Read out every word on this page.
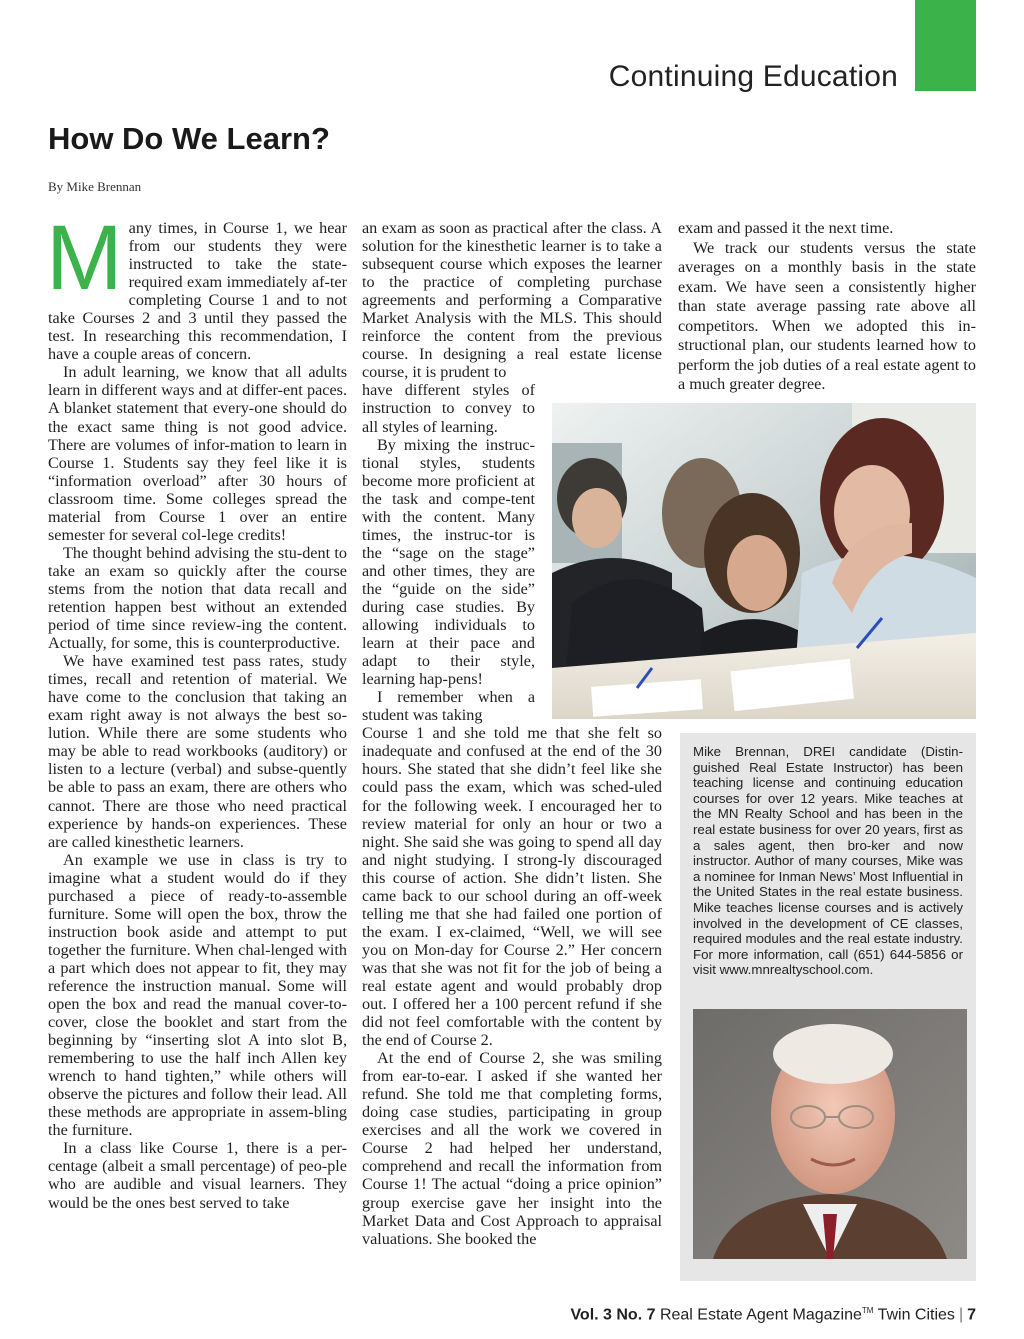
Continuing Education
How Do We Learn?
By Mike Brennan

Many times, in Course 1, we hear from our students they were instructed to take the state-required exam immediately af-ter completing Course 1 and to not take Courses 2 and 3 until they passed the test. In researching this recommendation, I have a couple areas of concern.

In adult learning, we know that all adults learn in different ways and at differ-ent paces. A blanket statement that every-one should do the exact same thing is not good advice. There are volumes of infor-mation to learn in Course 1. Students say they feel like it is “information overload” after 30 hours of classroom time. Some colleges spread the material from Course 1 over an entire semester for several col-lege credits!

The thought behind advising the stu-dent to take an exam so quickly after the course stems from the notion that data recall and retention happen best without an extended period of time since review-ing the content. Actually, for some, this is counterproductive.

We have examined test pass rates, study times, recall and retention of material. We have come to the conclusion that taking an exam right away is not always the best so-lution. While there are some students who may be able to read workbooks (auditory) or listen to a lecture (verbal) and subse-quently be able to pass an exam, there are others who cannot. There are those who need practical experience by hands-on experiences. These are called kinesthetic learners.

An example we use in class is try to imagine what a student would do if they purchased a piece of ready-to-assemble furniture. Some will open the box, throw the instruction book aside and attempt to put together the furniture. When chal-lenged with a part which does not appear to fit, they may reference the instruction manual. Some will open the box and read the manual cover-to-cover, close the booklet and start from the beginning by “inserting slot A into slot B, remembering to use the half inch Allen key wrench to hand tighten,” while others will observe the pictures and follow their lead. All these methods are appropriate in assem-bling the furniture.

In a class like Course 1, there is a per-centage (albeit a small percentage) of peo-ple who are audible and visual learners. They would be the ones best served to take

an exam as soon as practical after the class. A solution for the kinesthetic learner is to take a subsequent course which exposes the learner to the practice of completing purchase agreements and performing a Comparative Market Analysis with the MLS. This should reinforce the content from the previous course. In designing a real estate license course, it is prudent to

have different styles of instruction to convey to all styles of learning.

By mixing the instruc-tional styles, students become more proficient at the task and compe-tent with the content. Many times, the instruc-tor is the “sage on the stage” and other times, they are the “guide on the side” during case studies. By allowing individuals to learn at their pace and adapt to their style, learning hap-pens!

I remember when a student was taking

Course 1 and she told me that she felt so inadequate and confused at the end of the 30 hours. She stated that she didn’t feel like she could pass the exam, which was sched-uled for the following week. I encouraged her to review material for only an hour or two a night. She said she was going to spend all day and night studying. I strong-ly discouraged this course of action. She didn’t listen. She came back to our school during an off-week telling me that she had failed one portion of the exam. I ex-claimed, “Well, we will see you on Mon-day for Course 2.” Her concern was that she was not fit for the job of being a real estate agent and would probably drop out. I offered her a 100 percent refund if she did not feel comfortable with the content by the end of Course 2.

At the end of Course 2, she was smiling from ear-to-ear. I asked if she wanted her refund. She told me that completing forms, doing case studies, participating in group exercises and all the work we covered in Course 2 had helped her understand, comprehend and recall the information from Course 1! The actual “doing a price opinion” group exercise gave her insight into the Market Data and Cost Approach to appraisal valuations. She booked the

exam and passed it the next time.

We track our students versus the state averages on a monthly basis in the state exam. We have seen a consistently higher than state average passing rate above all competitors. When we adopted this in-structional plan, our students learned how to perform the job duties of a real estate agent to a much greater degree.

Mike Brennan, DREI candidate (Distin-guished Real Estate Instructor) has been teaching license and continuing education courses for over 12 years. Mike teaches at the MN Realty School and has been in the real estate business for over 20 years, first as a sales agent, then bro-ker and now instructor. Author of many courses, Mike was a nominee for Inman News’ Most Influential in the United States in the real estate business. Mike teaches license courses and is actively involved in the development of CE classes, required modules and the real estate industry. For more information, call (651) 644-5856 or visit www.mnrealtyschool.com.
Vol. 3 No. 7 Real Estate Agent Magazine™ Twin Cities | 7
